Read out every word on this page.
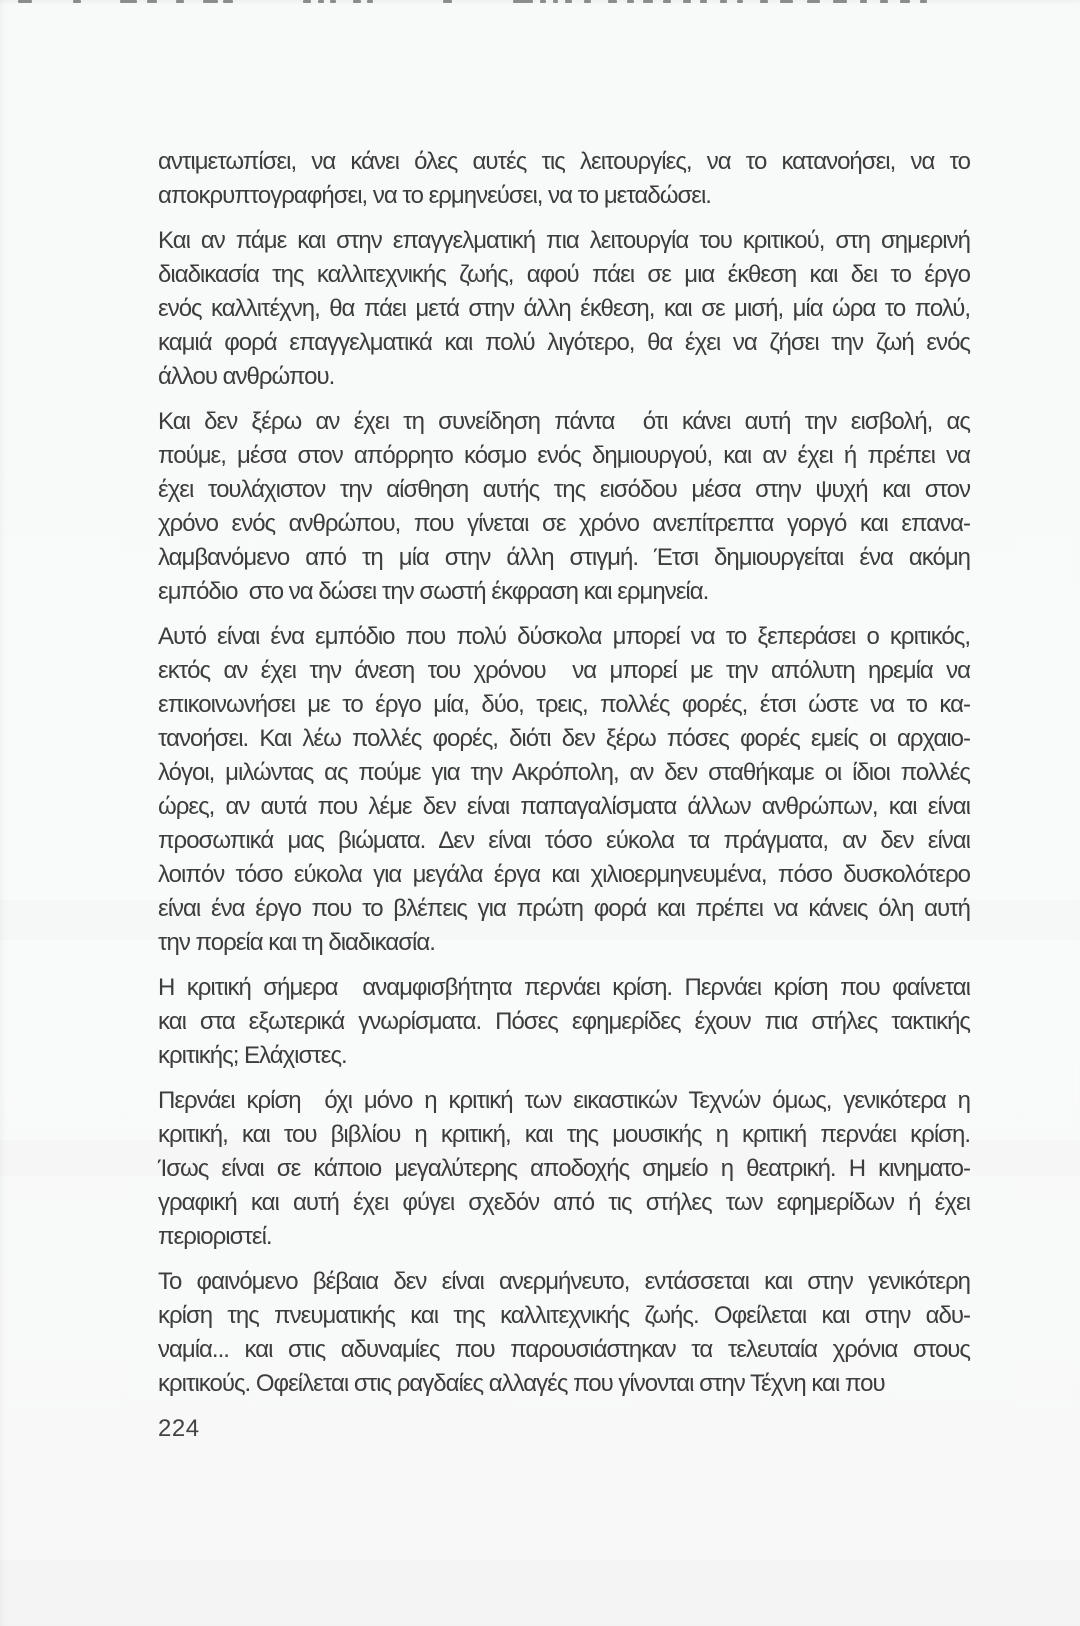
αντιμετωπίσει, να κάνει όλες αυτές τις λειτουργίες, να το κατανοήσει, να το
αποκρυπτογραφήσει, να το ερμηνεύσει, να το μεταδώσει.
Και αν πάμε και στην επαγγελματική πια λειτουργία του κριτικού, στη σημερινή
διαδικασία της καλλιτεχνικής ζωής, αφού πάει σε μια έκθεση και δει το έργο
ενός καλλιτέχνη, θα πάει μετά στην άλλη έκθεση, και σε μισή, μία ώρα το πολύ,
καμιά φορά επαγγελματικά και πολύ λιγότερο, θα έχει να ζήσει την ζωή ενός
άλλου ανθρώπου.
Και δεν ξέρω αν έχει τη συνείδηση πάντα  ότι κάνει αυτή την εισβολή, ας
πούμε, μέσα στον απόρρητο κόσμο ενός δημιουργού, και αν έχει ή πρέπει να
έχει τουλάχιστον την αίσθηση αυτής της εισόδου μέσα στην ψυχή και στον
χρόνο ενός ανθρώπου, που γίνεται σε χρόνο ανεπίτρεπτα γοργό και επανα-
λαμβανόμενο από τη μία στην άλλη στιγμή. Έτσι δημιουργείται ένα ακόμη
εμπόδιο  στο να δώσει την σωστή έκφραση και ερμηνεία.
Αυτό είναι ένα εμπόδιο που πολύ δύσκολα μπορεί να το ξεπεράσει ο κριτικός,
εκτός αν έχει την άνεση του χρόνου  να μπορεί με την απόλυτη ηρεμία να
επικοινωνήσει με το έργο μία, δύο, τρεις, πολλές φορές, έτσι ώστε να το κα-
τανοήσει. Και λέω πολλές φορές, διότι δεν ξέρω πόσες φορές εμείς οι αρχαιο-
λόγοι, μιλώντας ας πούμε για την Ακρόπολη, αν δεν σταθήκαμε οι ίδιοι πολλές
ώρες, αν αυτά που λέμε δεν είναι παπαγαλίσματα άλλων ανθρώπων, και είναι
προσωπικά μας βιώματα. Δεν είναι τόσο εύκολα τα πράγματα, αν δεν είναι
λοιπόν τόσο εύκολα για μεγάλα έργα και χιλιοερμηνευμένα, πόσο δυσκολότερο
είναι ένα έργο που το βλέπεις για πρώτη φορά και πρέπει να κάνεις όλη αυτή
την πορεία και τη διαδικασία.
Η κριτική σήμερα  αναμφισβήτητα περνάει κρίση. Περνάει κρίση που φαίνεται
και στα εξωτερικά γνωρίσματα. Πόσες εφημερίδες έχουν πια στήλες τακτικής
κριτικής; Ελάχιστες.
Περνάει κρίση  όχι μόνο η κριτική των εικαστικών Τεχνών όμως, γενικότερα η
κριτική, και του βιβλίου η κριτική, και της μουσικής η κριτική περνάει κρίση.
Ίσως είναι σε κάποιο μεγαλύτερης αποδοχής σημείο η θεατρική. Η κινηματο-
γραφική και αυτή έχει φύγει σχεδόν από τις στήλες των εφημερίδων ή έχει
περιοριστεί.
Το φαινόμενο βέβαια δεν είναι ανερμήνευτο, εντάσσεται και στην γενικότερη
κρίση της πνευματικής και της καλλιτεχνικής ζωής. Οφείλεται και στην αδυ-
ναμία... και στις αδυναμίες που παρουσιάστηκαν τα τελευταία χρόνια στους
κριτικούς. Οφείλεται στις ραγδαίες αλλαγές που γίνονται στην Τέχνη και που
224
